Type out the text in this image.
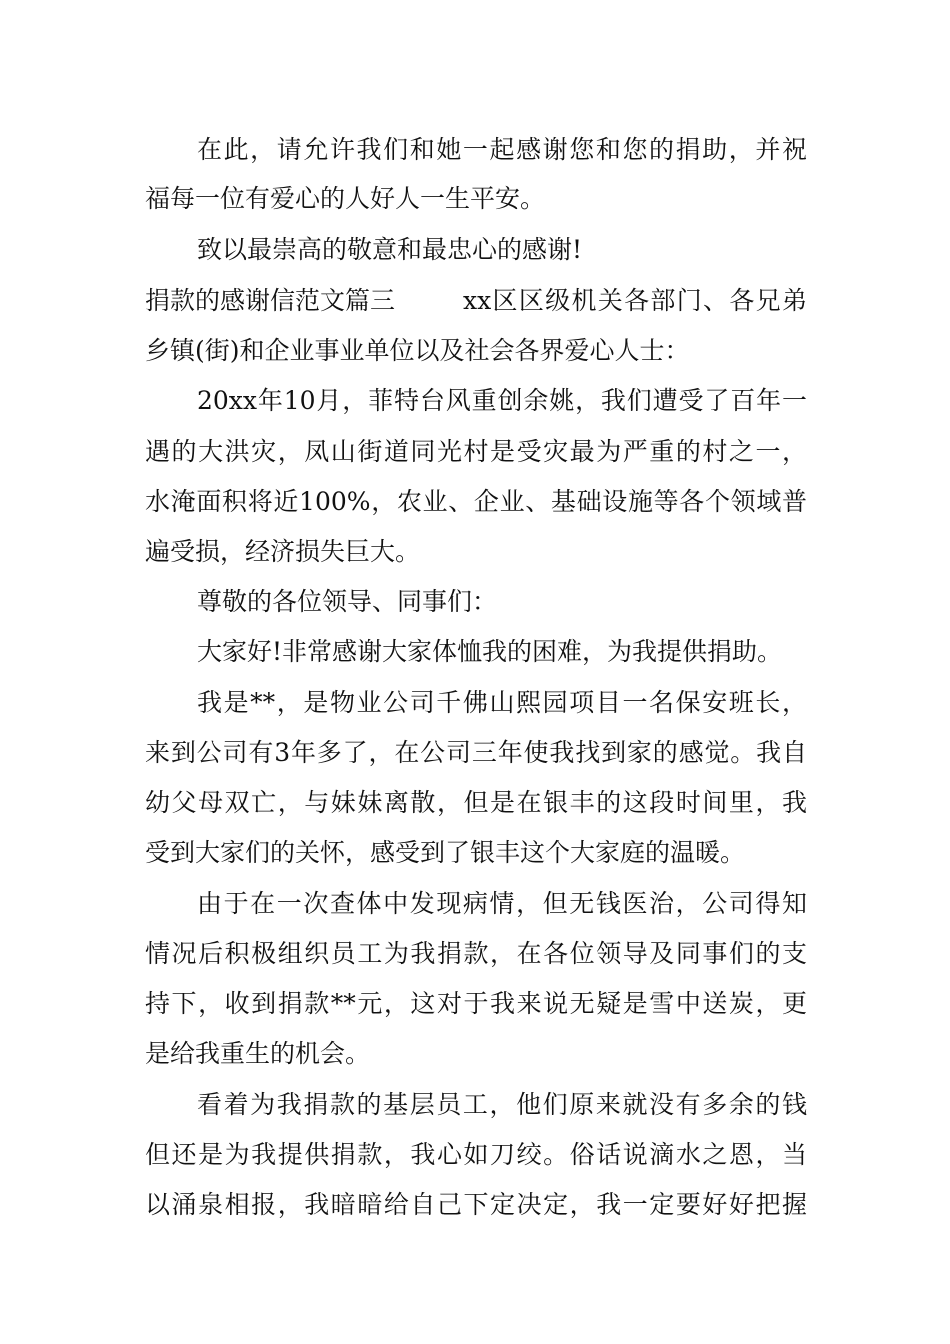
在此，请允许我们和她一起感谢您和您的捐助，并祝
福每一位有爱心的人好人一生平安。
致以最崇高的敬意和最忠心的感谢!
捐款的感谢信范文篇三	xx区区级机关各部门、各兄弟
乡镇(街)和企业事业单位以及社会各界爱心人士：
20xx年10月，菲特台风重创余姚，我们遭受了百年一
遇的大洪灾，凤山街道同光村是受灾最为严重的村之一，
水淹面积将近100%，农业、企业、基础设施等各个领域普
遍受损，经济损失巨大。
尊敬的各位领导、同事们：
大家好!非常感谢大家体恤我的困难，为我提供捐助。
我是**，是物业公司千佛山熙园项目一名保安班长，
来到公司有3年多了，在公司三年使我找到家的感觉。我自
幼父母双亡，与妹妹离散，但是在银丰的这段时间里，我
受到大家们的关怀，感受到了银丰这个大家庭的温暖。
由于在一次查体中发现病情，但无钱医治，公司得知
情况后积极组织员工为我捐款，在各位领导及同事们的支
持下，收到捐款**元，这对于我来说无疑是雪中送炭，更
是给我重生的机会。
看着为我捐款的基层员工，他们原来就没有多余的钱
但还是为我提供捐款，我心如刀绞。俗话说滴水之恩，当
以涌泉相报，我暗暗给自己下定决定，我一定要好好把握
